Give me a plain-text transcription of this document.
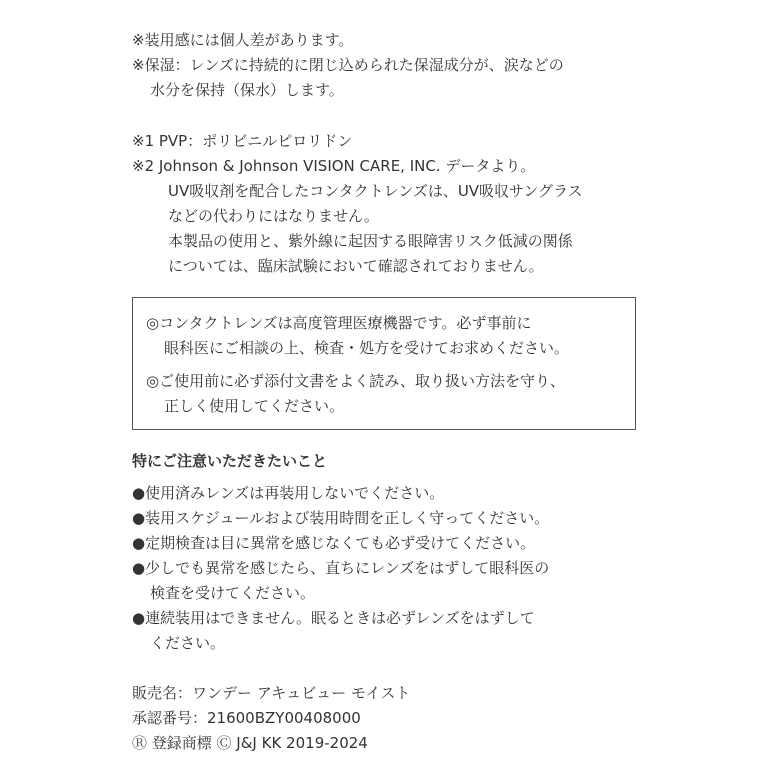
※装用感には個人差があります。
※保湿：レンズに持続的に閉じ込められた保湿成分が、涙などの
水分を保持（保水）します。
※1 PVP：ポリビニルピロリドン
※2 Johnson & Johnson VISION CARE, INC. データより。
UV吸収剤を配合したコンタクトレンズは、UV吸収サングラス
などの代わりにはなりません。
本製品の使用と、紫外線に起因する眼障害リスク低減の関係
については、臨床試験において確認されておりません。
◎コンタクトレンズは高度管理医療機器です。必ず事前に
眼科医にご相談の上、検査・処方を受けてお求めください。
◎ご使用前に必ず添付文書をよく読み、取り扱い方法を守り、
正しく使用してください。
特にご注意いただきたいこと
●使用済みレンズは再装用しないでください。
●装用スケジュールおよび装用時間を正しく守ってください。
●定期検査は目に異常を感じなくても必ず受けてください。
●少しでも異常を感じたら、直ちにレンズをはずして眼科医の
検査を受けてください。
●連続装用はできません。眠るときは必ずレンズをはずして
ください。
販売名：ワンデー アキュビュー モイスト
承認番号：21600BZY00408000
Ⓡ 登録商標 Ⓒ J&J KK 2019-2024
